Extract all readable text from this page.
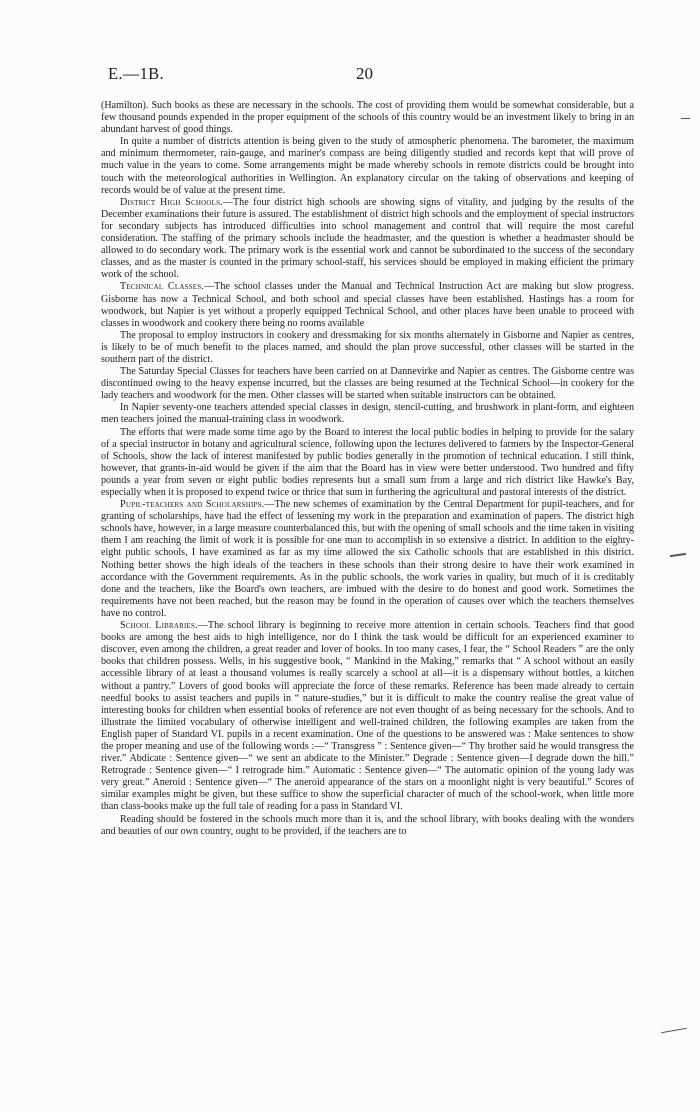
E.—1B.	20

(Hamilton). Such books as these are necessary in the schools. The cost of providing them would be somewhat considerable, but a few thousand pounds expended in the proper equipment of the schools of this country would be an investment likely to bring in an abundant harvest of good things.

In quite a number of districts attention is being given to the study of atmospheric phenomena. The barometer, the maximum and minimum thermometer, rain-gauge, and mariner's compass are being diligently studied and records kept that will prove of much value in the years to come. Some arrangements might be made whereby schools in remote districts could be brought into touch with the meteorological authorities in Wellington. An explanatory circular on the taking of observations and keeping of records would be of value at the present time.

District High Schools.—The four district high schools are showing signs of vitality, and judging by the results of the December examinations their future is assured. The establishment of district high schools and the employment of special instructors for secondary subjects has introduced difficulties into school management and control that will require the most careful consideration. The staffing of the primary schools include the headmaster, and the question is whether a headmaster should be allowed to do secondary work. The primary work is the essential work and cannot be subordinated to the success of the secondary classes, and as the master is counted in the primary school-staff, his services should be employed in making efficient the primary work of the school.

Technical Classes.—The school classes under the Manual and Technical Instruction Act are making but slow progress. Gisborne has now a Technical School, and both school and special classes have been established. Hastings has a room for woodwork, but Napier is yet without a properly equipped Technical School, and other places have been unable to proceed with classes in woodwork and cookery there being no rooms available

The proposal to employ instructors in cookery and dressmaking for six months alternately in Gisborne and Napier as centres, is likely to be of much benefit to the places named, and should the plan prove successful, other classes will be started in the southern part of the district.

The Saturday Special Classes for teachers have been carried on at Dannevirke and Napier as centres. The Gisborne centre was discontinued owing to the heavy expense incurred, but the classes are being resumed at the Technical School—in cookery for the lady teachers and woodwork for the men. Other classes will be started when suitable instructors can be obtained.

In Napier seventy-one teachers attended special classes in design, stencil-cutting, and brushwork in plant-form, and eighteen men teachers joined the manual-training class in woodwork.

The efforts that were made some time ago by the Board to interest the local public bodies in helping to provide for the salary of a special instructor in botany and agricultural science, following upon the lectures delivered to farmers by the Inspector-General of Schools, show the lack of interest manifested by public bodies generally in the promotion of technical education. I still think, however, that grants-in-aid would be given if the aim that the Board has in view were better understood. Two hundred and fifty pounds a year from seven or eight public bodies represents but a small sum from a large and rich district like Hawke's Bay, especially when it is proposed to expend twice or thrice that sum in furthering the agricultural and pastoral interests of the district.

Pupil-teachers and Scholarships.—The new schemes of examination by the Central Department for pupil-teachers, and for granting of scholarships, have had the effect of lessening my work in the preparation and examination of papers. The district high schools have, however, in a large measure counterbalanced this, but with the opening of small schools and the time taken in visiting them I am reaching the limit of work it is possible for one man to accomplish in so extensive a district. In addition to the eighty-eight public schools, I have examined as far as my time allowed the six Catholic schools that are established in this district. Nothing better shows the high ideals of the teachers in these schools than their strong desire to have their work examined in accordance with the Government requirements. As in the public schools, the work varies in quality, but much of it is creditably done and the teachers, like the Board's own teachers, are imbued with the desire to do honest and good work. Sometimes the requirements have not been reached, but the reason may be found in the operation of causes over which the teachers themselves have no control.

School Libraries.—The school library is beginning to receive more attention in certain schools. Teachers find that good books are among the best aids to high intelligence, nor do I think the task would be difficult for an experienced examiner to discover, even among the children, a great reader and lover of books. In too many cases, I fear, the “ School Readers ” are the only books that children possess. Wells, in his suggestive book, “ Mankind in the Making,” remarks that “ A school without an easily accessible library of at least a thousand volumes is really scarcely a school at all—it is a dispensary without bottles, a kitchen without a pantry.” Lovers of good books will appreciate the force of these remarks. Reference has been made already to certain needful books to assist teachers and pupils in “ nature-studies,” but it is difficult to make the country realise the great value of interesting books for children when essential books of reference are not even thought of as being necessary for the schools. And to illustrate the limited vocabulary of otherwise intelligent and well-trained children, the following examples are taken from the English paper of Standard VI. pupils in a recent examination. One of the questions to be answered was : Make sentences to show the proper meaning and use of the following words :—“ Transgress ” : Sentence given—“ Thy brother said he would transgress the river.” Abdicate : Sentence given—“ we sent an abdicate to the Minister.” Degrade : Sentence given—I degrade down the hill.” Retrograde : Sentence given—“ I retrograde him.” Automatic : Sentence given—“ The automatic opinion of the young lady was very great.” Aneroid : Sentence given—“ The aneroid appearance of the stars on a moonlight night is very beautiful.” Scores of similar examples might be given, but these suffice to show the superficial character of much of the school-work, when little more than class-books make up the full tale of reading for a pass in Standard VI.

Reading should be fostered in the schools much more than it is, and the school library, with books dealing with the wonders and beauties of our own country, ought to be provided, if the teachers are to
